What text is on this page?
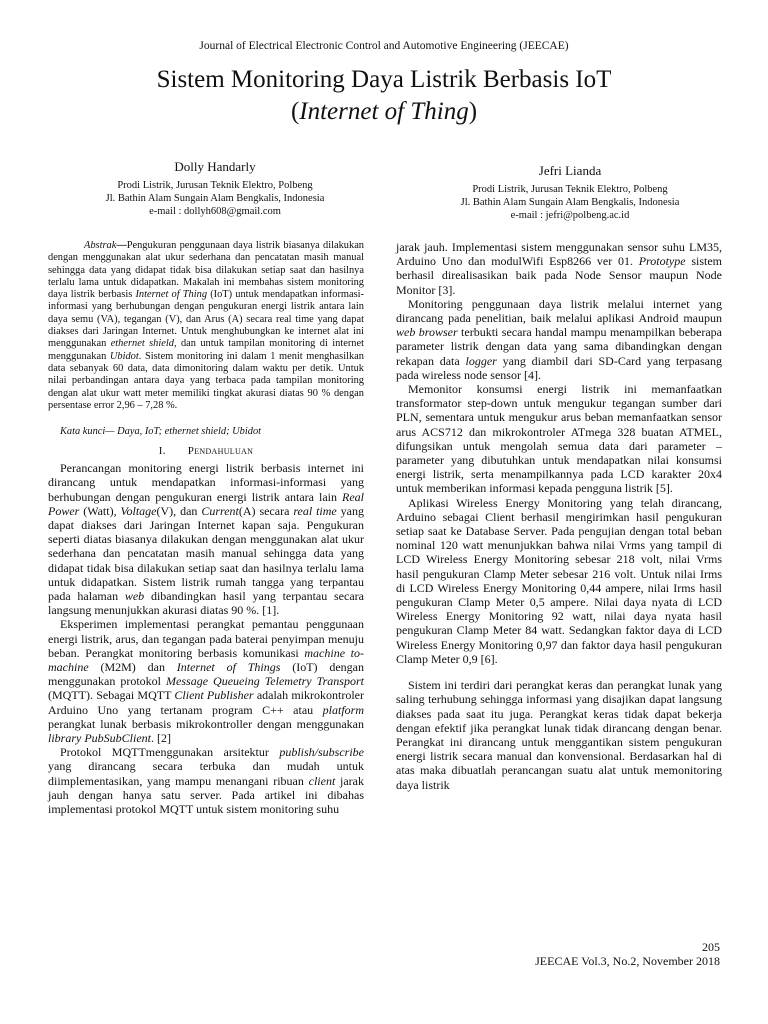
Journal of Electrical Electronic Control and Automotive Engineering (JEECAE)
Sistem Monitoring Daya Listrik Berbasis IoT
(Internet of Thing)
Dolly Handarly
Prodi Listrik, Jurusan Teknik Elektro, Polbeng
Jl. Bathin Alam Sungain Alam Bengkalis, Indonesia
e-mail : dollyh608@gmail.com
Jefri Lianda
Prodi Listrik, Jurusan Teknik Elektro, Polbeng
Jl. Bathin Alam Sungain Alam Bengkalis, Indonesia
e-mail : jefri@polbeng.ac.id

Abstrak—Pengukuran penggunaan daya listrik biasanya dilakukan dengan menggunakan alat ukur sederhana dan pencatatan masih manual sehingga data yang didapat tidak bisa dilakukan setiap saat dan hasilnya terlalu lama untuk didapatkan. Makalah ini membahas sistem monitoring daya listrik berbasis Internet of Thing (IoT) untuk mendapatkan informasi-informasi yang berhubungan dengan pengukuran energi listrik antara lain daya semu (VA), tegangan (V), dan Arus (A) secara real time yang dapat diakses dari Jaringan Internet. Untuk menghubungkan ke internet alat ini menggunakan ethernet shield, dan untuk tampilan monitoring di internet menggunakan Ubidot. Sistem monitoring ini dalam 1 menit menghasilkan data sebanyak 60 data, data dimonitoring dalam waktu per detik. Untuk nilai perbandingan antara daya yang terbaca pada tampilan monitoring dengan alat ukur watt meter memiliki tingkat akurasi diatas 90 % dengan persentase error 2,96 – 7,28 %.

Kata kunci— Daya, IoT; ethernet shield; Ubidot
I. Pendahuluan

Perancangan monitoring energi listrik berbasis internet ini dirancang untuk mendapatkan informasi-informasi yang berhubungan dengan pengukuran energi listrik antara lain Real Power (Watt), Voltage(V), dan Current(A) secara real time yang dapat diakses dari Jaringan Internet kapan saja. Pengukuran seperti diatas biasanya dilakukan dengan menggunakan alat ukur sederhana dan pencatatan masih manual sehingga data yang didapat tidak bisa dilakukan setiap saat dan hasilnya terlalu lama untuk didapatkan. Sistem listrik rumah tangga yang terpantau pada halaman web dibandingkan hasil yang terpantau secara langsung menunjukkan akurasi diatas 90 %. [1].

Eksperimen implementasi perangkat pemantau penggunaan energi listrik, arus, dan tegangan pada baterai penyimpan menuju beban. Perangkat monitoring berbasis komunikasi machine to- machine (M2M) dan Internet of Things (IoT) dengan menggunakan protokol Message Queueing Telemetry Transport (MQTT). Sebagai MQTT Client Publisher adalah mikrokontroler Arduino Uno yang tertanam program C++ atau platform perangkat lunak berbasis mikrokontroller dengan menggunakan library PubSubClient. [2]

Protokol MQTTmenggunakan arsitektur publish/subscribe yang dirancang secara terbuka dan mudah untuk diimplementasikan, yang mampu menangani ribuan client jarak jauh dengan hanya satu server. Pada artikel ini dibahas implementasi protokol MQTT untuk sistem monitoring suhu

jarak jauh. Implementasi sistem menggunakan sensor suhu LM35, Arduino Uno dan modulWifi Esp8266 ver 01. Prototype sistem berhasil direalisasikan baik pada Node Sensor maupun Node Monitor [3].

Monitoring penggunaan daya listrik melalui internet yang dirancang pada penelitian, baik melalui aplikasi Android maupun web browser terbukti secara handal mampu menampilkan beberapa parameter listrik dengan data yang sama dibandingkan dengan rekapan data logger yang diambil dari SD-Card yang terpasang pada wireless node sensor [4].

Memonitor konsumsi energi listrik ini memanfaatkan transformator step-down untuk mengukur tegangan sumber dari PLN, sementara untuk mengukur arus beban memanfaatkan sensor arus ACS712 dan mikrokontroler ATmega 328 buatan ATMEL, difungsikan untuk mengolah semua data dari parameter – parameter yang dibutuhkan untuk mendapatkan nilai konsumsi energi listrik, serta menampilkannya pada LCD karakter 20x4 untuk memberikan informasi kepada pengguna listrik [5].

Aplikasi Wireless Energy Monitoring yang telah dirancang, Arduino sebagai Client berhasil mengirimkan hasil pengukuran setiap saat ke Database Server. Pada pengujian dengan total beban nominal 120 watt menunjukkan bahwa nilai Vrms yang tampil di LCD Wireless Energy Monitoring sebesar 218 volt, nilai Vrms hasil pengukuran Clamp Meter sebesar 216 volt. Untuk nilai Irms di LCD Wireless Energy Monitoring 0,44 ampere, nilai Irms hasil pengukuran Clamp Meter 0,5 ampere. Nilai daya nyata di LCD Wireless Energy Monitoring 92 watt, nilai daya nyata hasil pengukuran Clamp Meter 84 watt. Sedangkan faktor daya di LCD Wireless Energy Monitoring 0,97 dan faktor daya hasil pengukuran Clamp Meter 0,9 [6].

Sistem ini terdiri dari perangkat keras dan perangkat lunak yang saling terhubung sehingga informasi yang disajikan dapat langsung diakses pada saat itu juga. Perangkat keras tidak dapat bekerja dengan efektif jika perangkat lunak tidak dirancang dengan benar. Perangkat ini dirancang untuk menggantikan sistem pengukuran energi listrik secara manual dan konvensional. Berdasarkan hal di atas maka dibuatlah perancangan suatu alat untuk memonitoring daya listrik

205
JEECAE Vol.3, No.2, November 2018
